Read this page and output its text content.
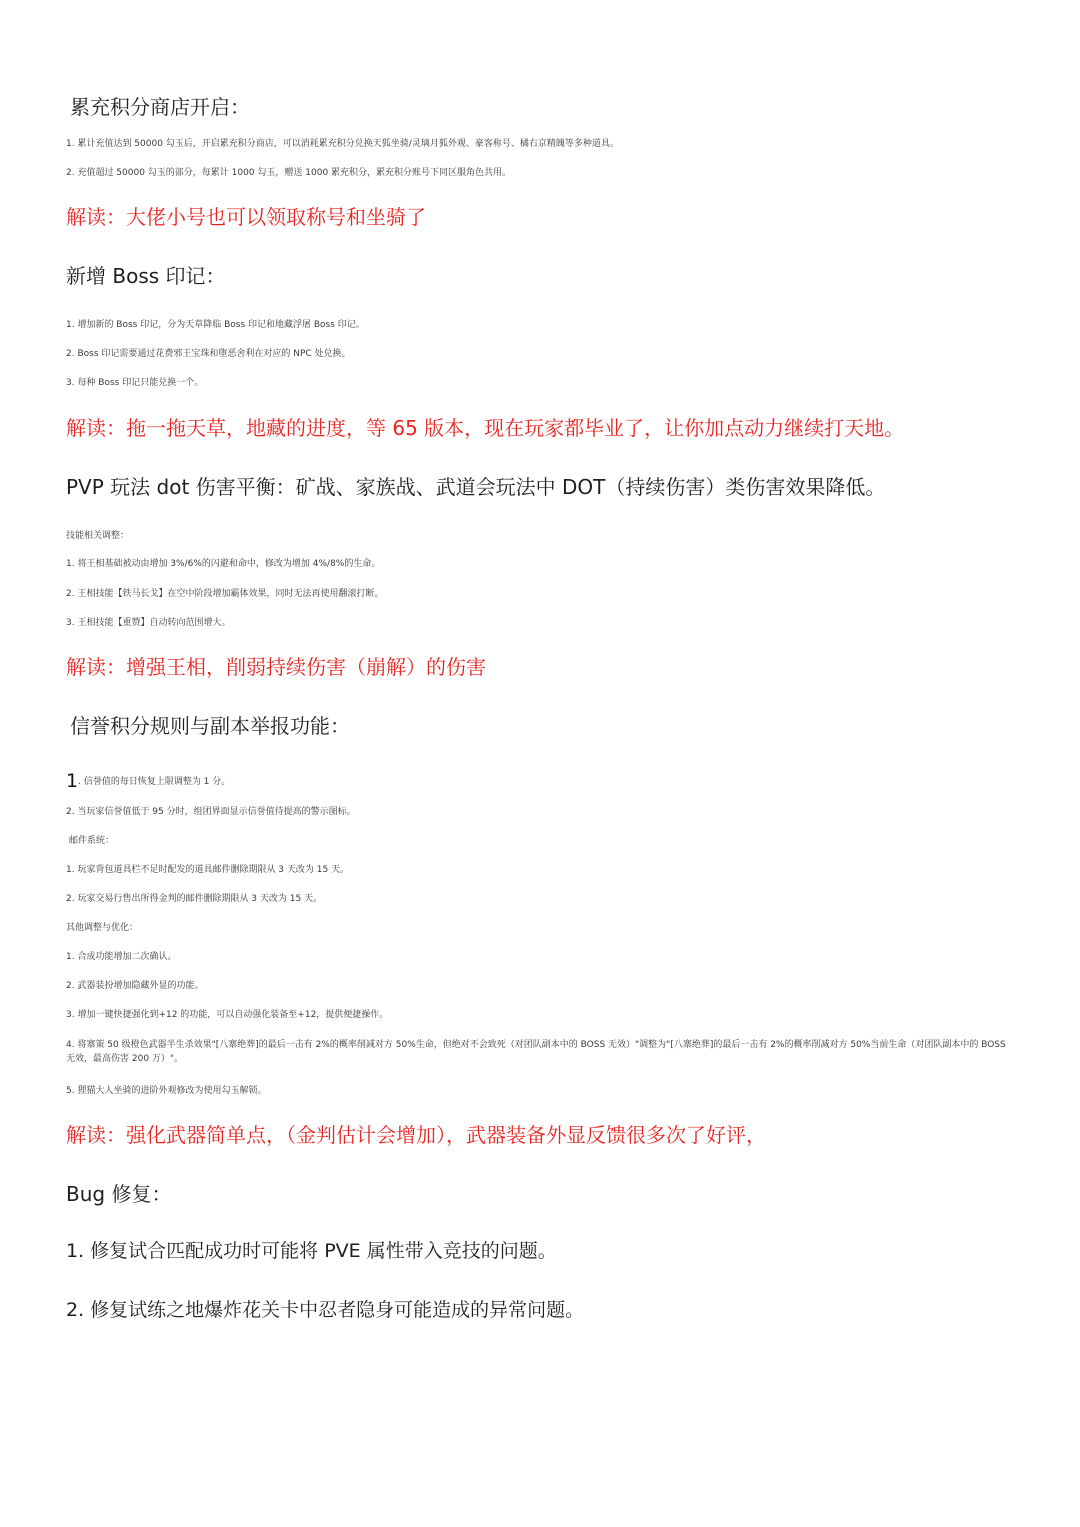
累充积分商店开启：

1. 累计充值达到 50000 勾玉后，开启累充积分商店，可以消耗累充积分兑换天狐坐骑/灵璃月狐外观、豪客称号、橘右京精魄等多种道具。

2. 充值超过 50000 勾玉的部分，每累计 1000 勾玉，赠送 1000 累充积分，累充积分账号下同区服角色共用。

解读：大佬小号也可以领取称号和坐骑了

新增 Boss 印记：

1. 增加新的 Boss 印记，分为天草降临 Boss 印记和地藏浮屠 Boss 印记。

2. Boss 印记需要通过花费邪王宝珠和堕恶舍利在对应的 NPC 处兑换。

3. 每种 Boss 印记只能兑换一个。

解读：拖一拖天草，地藏的进度，等 65 版本，现在玩家都毕业了，让你加点动力继续打天地。

PVP 玩法 dot 伤害平衡：矿战、家族战、武道会玩法中 DOT（持续伤害）类伤害效果降低。

技能相关调整：

1. 将王相基础被动由增加 3%/6%的闪避和命中，修改为增加 4%/8%的生命。

2. 王相技能【铁马长戈】在空中阶段增加霸体效果，同时无法再使用翻滚打断。

3. 王相技能【重赞】自动转向范围增大。

解读：增强王相，削弱持续伤害（崩解）的伤害

信誉积分规则与副本举报功能：

1. 信誉值的每日恢复上限调整为 1 分。

2. 当玩家信誉值低于 95 分时，组团界面显示信誉值待提高的警示图标。

邮件系统：

1. 玩家背包道具栏不足时配发的道具邮件删除期限从 3 天改为 15 天。

2. 玩家交易行售出所得金判的邮件删除期限从 3 天改为 15 天。

其他调整与优化：

1. 合成功能增加二次确认。

2. 武器装扮增加隐藏外显的功能。

3. 增加一键快捷强化到+12 的功能，可以自动强化装备至+12，提供便捷操作。

4. 将寨策 50 级橙色武器半生杀效果"[八寨绝葬]的最后一击有 2%的概率削减对方 50%生命，但绝对不会致死（对团队副本中的 BOSS 无效）"调整为"[八寨绝葬]的最后一击有 2%的概率削减对方 50%当前生命（对团队副本中的 BOSS 无效，最高伤害 200 万）"。

5. 狸猫大人坐骑的进阶外观修改为使用勾玉解锁。

解读：强化武器简单点，（金判估计会增加），武器装备外显反馈很多次了好评，

Bug 修复：

1. 修复试合匹配成功时可能将 PVE 属性带入竞技的问题。

2. 修复试练之地爆炸花关卡中忍者隐身可能造成的异常问题。
